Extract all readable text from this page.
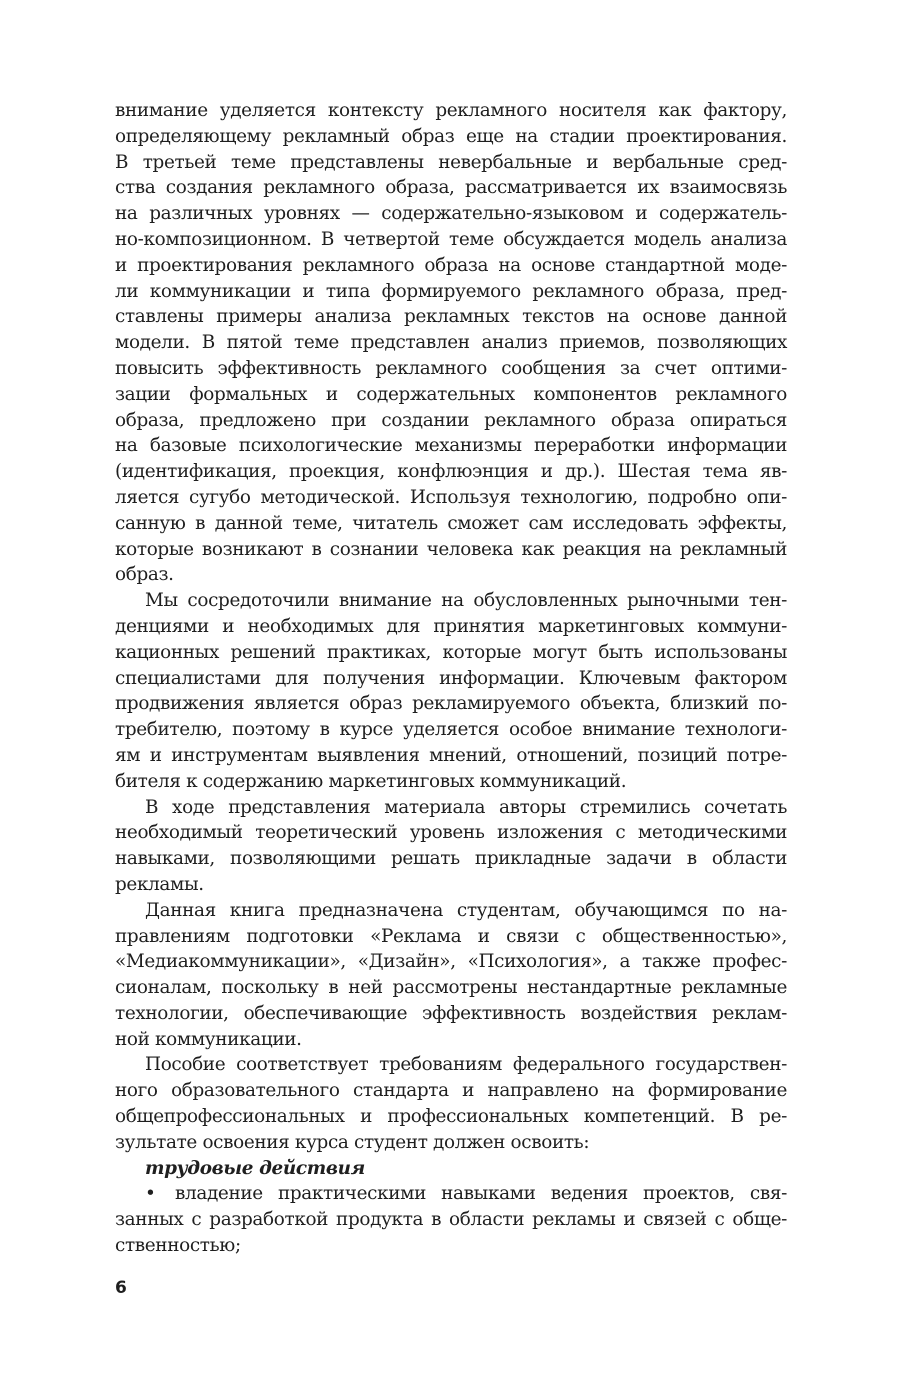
внимание уделяется контексту рекламного носителя как фактору,
определяющему рекламный образ еще на стадии проектирования.
В третьей теме представлены невербальные и вербальные сред-
ства создания рекламного образа, рассматривается их взаимосвязь
на различных уровнях — содержательно-языковом и содержатель-
но-композиционном. В четвертой теме обсуждается модель анализа
и проектирования рекламного образа на основе стандартной моде-
ли коммуникации и типа формируемого рекламного образа, пред-
ставлены примеры анализа рекламных текстов на основе данной
модели. В пятой теме представлен анализ приемов, позволяющих
повысить эффективность рекламного сообщения за счет оптими-
зации формальных и содержательных компонентов рекламного
образа, предложено при создании рекламного образа опираться
на базовые психологические механизмы переработки информации
(идентификация, проекция, конфлюэнция и др.). Шестая тема яв-
ляется сугубо методической. Используя технологию, подробно опи-
санную в данной теме, читатель сможет сам исследовать эффекты,
которые возникают в сознании человека как реакция на рекламный
образ.
Мы сосредоточили внимание на обусловленных рыночными тен-
денциями и необходимых для принятия маркетинговых коммуни-
кационных решений практиках, которые могут быть использованы
специалистами для получения информации. Ключевым фактором
продвижения является образ рекламируемого объекта, близкий по-
требителю, поэтому в курсе уделяется особое внимание технологи-
ям и инструментам выявления мнений, отношений, позиций потре-
бителя к содержанию маркетинговых коммуникаций.
В ходе представления материала авторы стремились сочетать
необходимый теоретический уровень изложения с методическими
навыками, позволяющими решать прикладные задачи в области
рекламы.
Данная книга предназначена студентам, обучающимся по на-
правлениям подготовки «Реклама и связи с общественностью»,
«Медиакоммуникации», «Дизайн», «Психология», а также профес-
сионалам, поскольку в ней рассмотрены нестандартные рекламные
технологии, обеспечивающие эффективность воздействия реклам-
ной коммуникации.
Пособие соответствует требованиям федерального государствен-
ного образовательного стандарта и направлено на формирование
общепрофессиональных и профессиональных компетенций. В ре-
зультате освоения курса студент должен освоить:
трудовые действия
• владение практическими навыками ведения проектов, свя-
занных с разработкой продукта в области рекламы и связей с обще-
ственностью;
6
